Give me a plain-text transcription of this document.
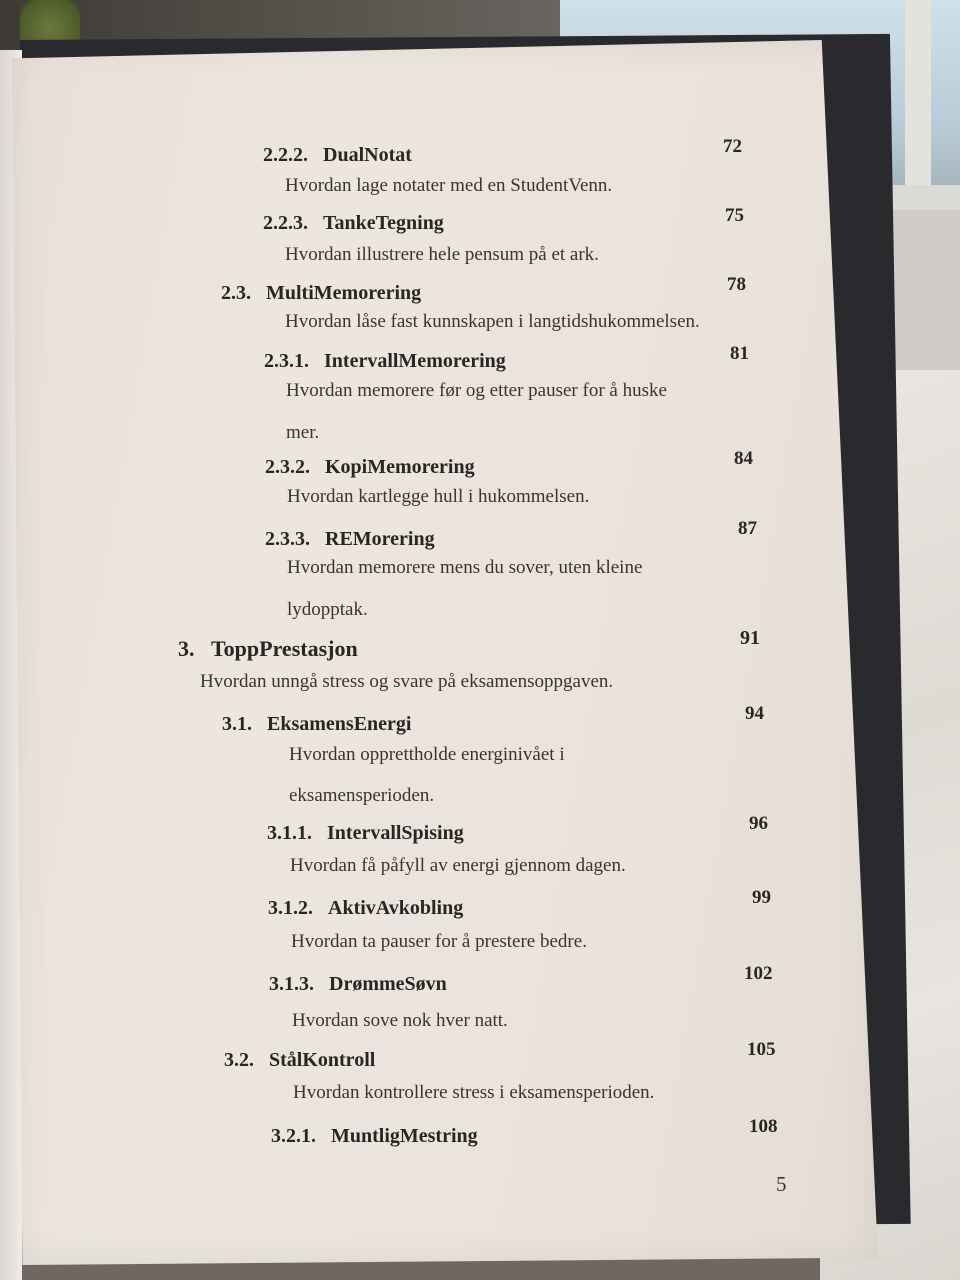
2.2.2. DualNotat	72
Hvordan lage notater med en StudentVenn.
2.2.3. TankeTegning	75
Hvordan illustrere hele pensum på et ark.
2.3. MultiMemorering	78
Hvordan låse fast kunnskapen i langtidshukommelsen.
2.3.1. IntervallMemorering	81
Hvordan memorere før og etter pauser for å huske
mer.
2.3.2. KopiMemorering	84
Hvordan kartlegge hull i hukommelsen.
2.3.3. REMorering	87
Hvordan memorere mens du sover, uten kleine
lydopptak.
3. ToppPrestasjon	91
Hvordan unngå stress og svare på eksamensoppgaven.
3.1. EksamensEnergi	94
Hvordan opprettholde energinivået i
eksamensperioden.
3.1.1. IntervallSpising	96
Hvordan få påfyll av energi gjennom dagen.
3.1.2. AktivAvkobling	99
Hvordan ta pauser for å prestere bedre.
3.1.3. DrømmeSøvn	102
Hvordan sove nok hver natt.
3.2. StålKontroll	105
Hvordan kontrollere stress i eksamensperioden.
3.2.1. MuntligMestring	108
5
